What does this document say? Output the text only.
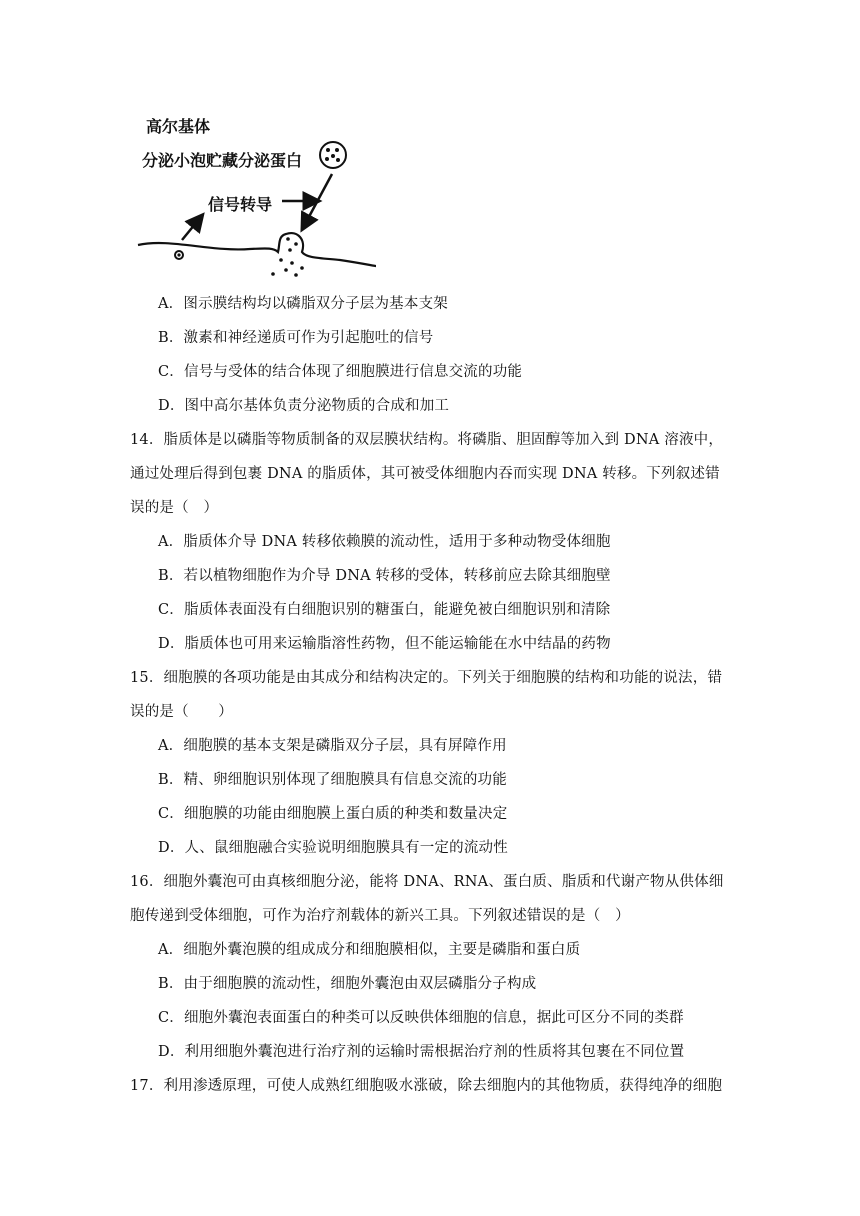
高尔基体
分泌小泡贮藏分泌蛋白
信号转导
A．图示膜结构均以磷脂双分子层为基本支架
B．激素和神经递质可作为引起胞吐的信号
C．信号与受体的结合体现了细胞膜进行信息交流的功能
D．图中高尔基体负责分泌物质的合成和加工
14．脂质体是以磷脂等物质制备的双层膜状结构。将磷脂、胆固醇等加入到 DNA 溶液中，
通过处理后得到包裹 DNA 的脂质体，其可被受体细胞内吞而实现 DNA 转移。下列叙述错
误的是（　）
A．脂质体介导 DNA 转移依赖膜的流动性，适用于多种动物受体细胞
B．若以植物细胞作为介导 DNA 转移的受体，转移前应去除其细胞壁
C．脂质体表面没有白细胞识别的糖蛋白，能避免被白细胞识别和清除
D．脂质体也可用来运输脂溶性药物，但不能运输能在水中结晶的药物
15．细胞膜的各项功能是由其成分和结构决定的。下列关于细胞膜的结构和功能的说法，错
误的是（　　）
A．细胞膜的基本支架是磷脂双分子层，具有屏障作用
B．精、卵细胞识别体现了细胞膜具有信息交流的功能
C．细胞膜的功能由细胞膜上蛋白质的种类和数量决定
D．人、鼠细胞融合实验说明细胞膜具有一定的流动性
16．细胞外囊泡可由真核细胞分泌，能将 DNA、RNA、蛋白质、脂质和代谢产物从供体细
胞传递到受体细胞，可作为治疗剂载体的新兴工具。下列叙述错误的是（　）
A．细胞外囊泡膜的组成成分和细胞膜相似，主要是磷脂和蛋白质
B．由于细胞膜的流动性，细胞外囊泡由双层磷脂分子构成
C．细胞外囊泡表面蛋白的种类可以反映供体细胞的信息，据此可区分不同的类群
D．利用细胞外囊泡进行治疗剂的运输时需根据治疗剂的性质将其包裹在不同位置
17．利用渗透原理，可使人成熟红细胞吸水涨破，除去细胞内的其他物质，获得纯净的细胞
